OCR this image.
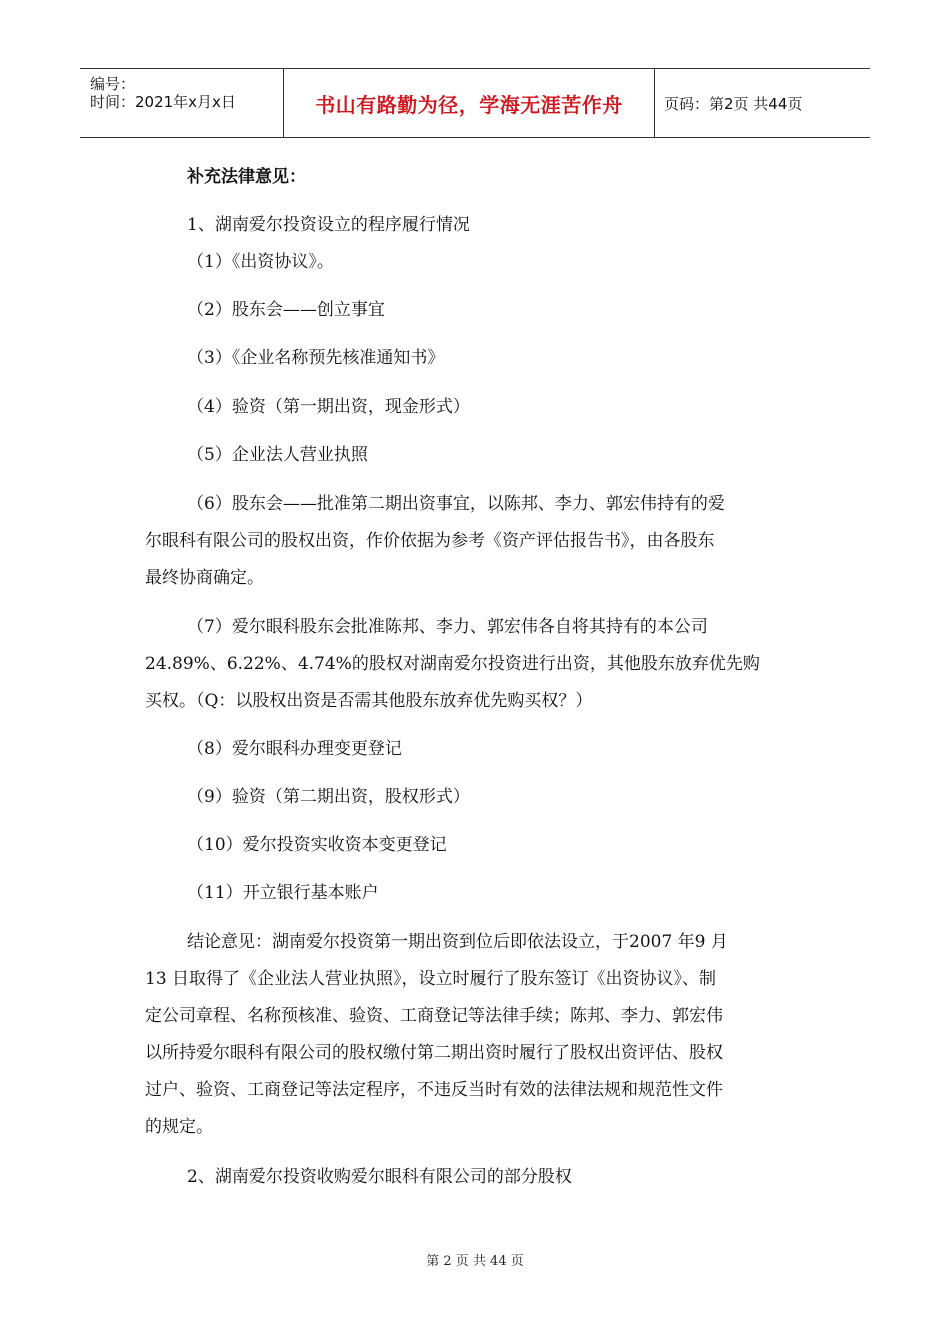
编号：
时间：2021年x月x日	书山有路勤为径，学海无涯苦作舟	页码：第2页 共44页
补充法律意见：
1、湖南爱尔投资设立的程序履行情况
（1）《出资协议》。
（2）股东会——创立事宜
（3）《企业名称预先核准通知书》
（4）验资（第一期出资，现金形式）
（5）企业法人营业执照
（6）股东会——批准第二期出资事宜，以陈邦、李力、郭宏伟持有的爱
尔眼科有限公司的股权出资，作价依据为参考《资产评估报告书》，由各股东
最终协商确定。
（7）爱尔眼科股东会批准陈邦、李力、郭宏伟各自将其持有的本公司
24.89%、6.22%、4.74%的股权对湖南爱尔投资进行出资，其他股东放弃优先购
买权。（Q：以股权出资是否需其他股东放弃优先购买权？）
（8）爱尔眼科办理变更登记
（9）验资（第二期出资，股权形式）
（10）爱尔投资实收资本变更登记
（11）开立银行基本账户
结论意见：湖南爱尔投资第一期出资到位后即依法设立，于2007 年9 月
13 日取得了《企业法人营业执照》，设立时履行了股东签订《出资协议》、制
定公司章程、名称预核准、验资、工商登记等法律手续；陈邦、李力、郭宏伟
以所持爱尔眼科有限公司的股权缴付第二期出资时履行了股权出资评估、股权
过户、验资、工商登记等法定程序，不违反当时有效的法律法规和规范性文件
的规定。
2、湖南爱尔投资收购爱尔眼科有限公司的部分股权
第 2 页 共 44 页
